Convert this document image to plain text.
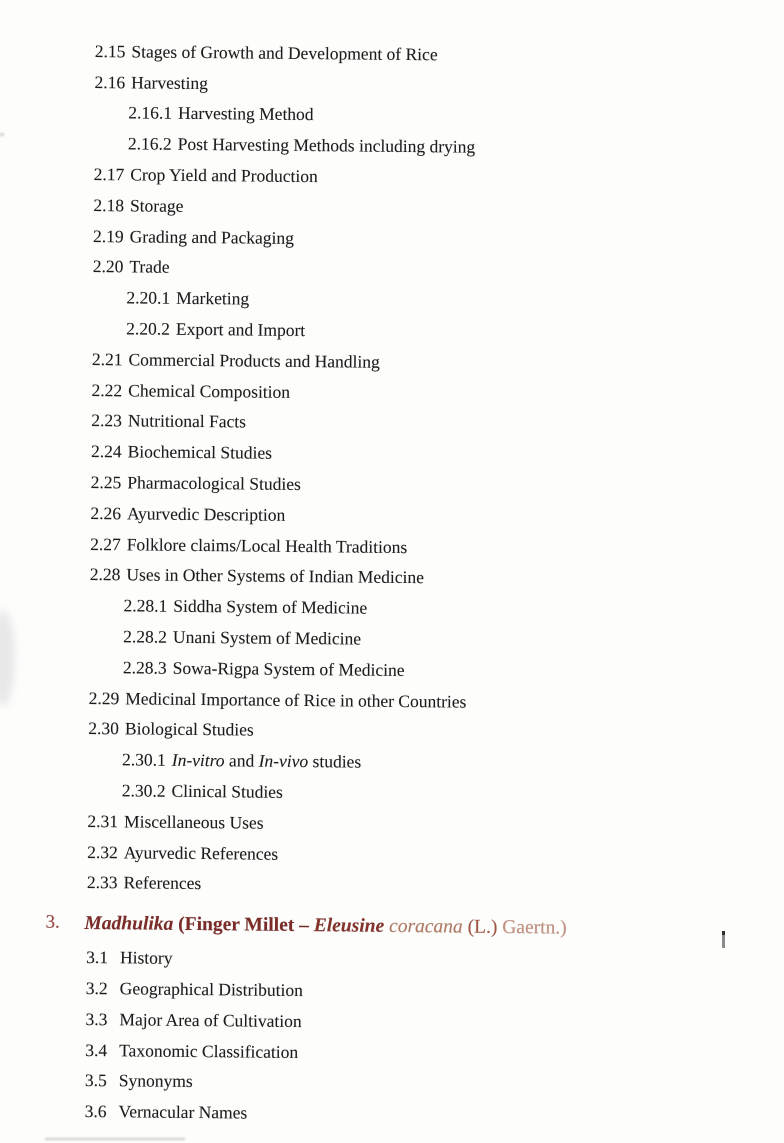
2.15 Stages of Growth and Development of Rice
2.16 Harvesting
2.16.1 Harvesting Method
2.16.2 Post Harvesting Methods including drying
2.17 Crop Yield and Production
2.18 Storage
2.19 Grading and Packaging
2.20 Trade
2.20.1 Marketing
2.20.2 Export and Import
2.21 Commercial Products and Handling
2.22 Chemical Composition
2.23 Nutritional Facts
2.24 Biochemical Studies
2.25 Pharmacological Studies
2.26 Ayurvedic Description
2.27 Folklore claims/Local Health Traditions
2.28 Uses in Other Systems of Indian Medicine
2.28.1 Siddha System of Medicine
2.28.2 Unani System of Medicine
2.28.3 Sowa-Rigpa System of Medicine
2.29 Medicinal Importance of Rice in other Countries
2.30 Biological Studies
2.30.1 In-vitro and In-vivo studies
2.30.2 Clinical Studies
2.31 Miscellaneous Uses
2.32 Ayurvedic References
2.33 References
3. Madhulika (Finger Millet – Eleusine coracana (L.) Gaertn.)
3.1 History
3.2 Geographical Distribution
3.3 Major Area of Cultivation
3.4 Taxonomic Classification
3.5 Synonyms
3.6 Vernacular Names
